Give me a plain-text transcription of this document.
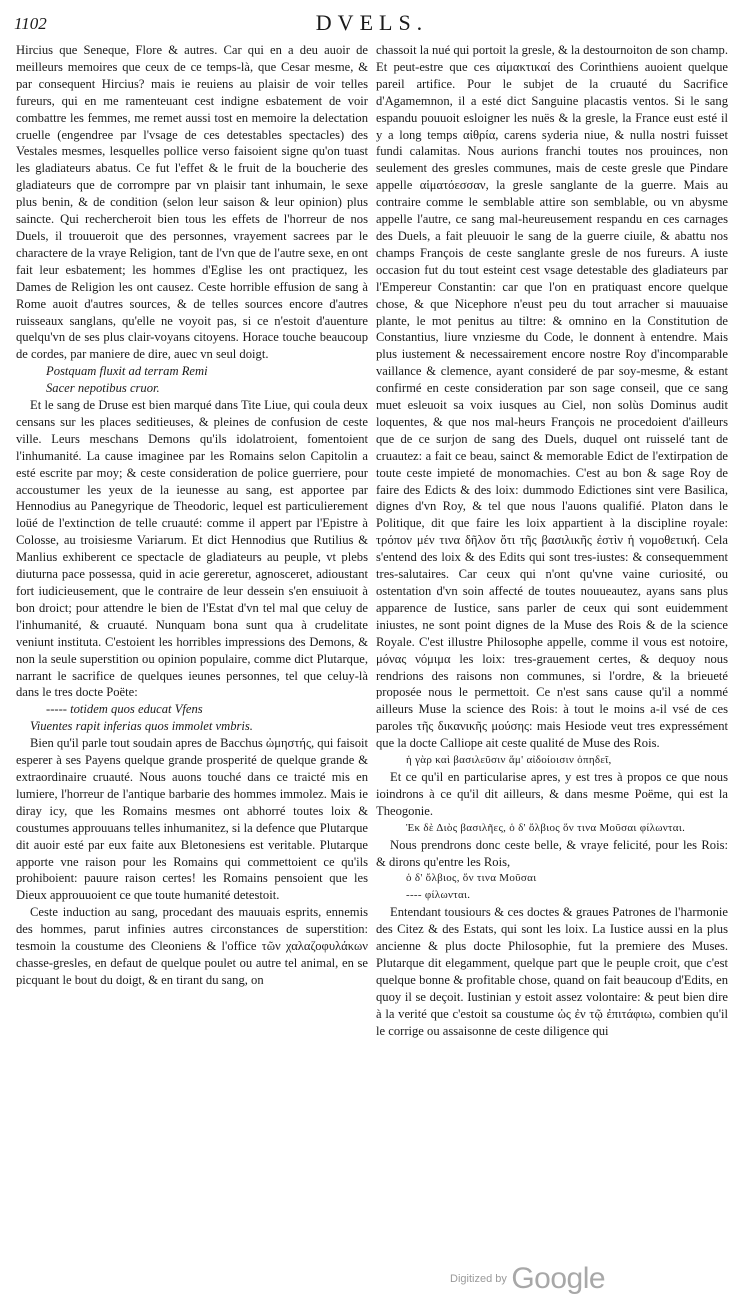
1102	DVELS.

Hircius que Seneque, Flore & autres. Car qui en a deu auoir de meilleurs memoires que ceux de ce temps-là, que Cesar mesme, & par consequent Hircius? mais ie reuiens au plaisir de voir telles fureurs, qui en me ramenteuant cest indigne esbatement de voir combattre les femmes, me remet aussi tost en memoire la delectation cruelle (engendree par l'vsage de ces detestables spectacles) des Vestales mesmes, lesquelles pollice verso faisoient signe qu'on tuast les gladiateurs abatus. Ce fut l'effet & le fruit de la boucherie des gladiateurs que de corrompre par vn plaisir tant inhumain, le sexe plus benin, & de condition (selon leur saison & leur opinion) plus saincte. Qui rechercheroit bien tous les effets de l'horreur de nos Duels, il trouueroit que des personnes, vrayement sacrees par le charactere de la vraye Religion, tant de l'vn que de l'autre sexe, en ont fait leur esbatement; les hommes d'Eglise les ont practiquez, les Dames de Religion les ont causez. Ceste horrible effusion de sang à Rome auoit d'autres sources, & de telles sources encore d'autres ruisseaux sanglans, qu'elle ne voyoit pas, si ce n'estoit d'auenture quelqu'vn de ses plus clair-voyans citoyens. Horace touche beaucoup de cordes, par maniere de dire, auec vn seul doigt.

Postquam fluxit ad terram Remi

Sacer nepotibus cruor.

Et le sang de Druse est bien marqué dans Tite Liue, qui coula deux censans sur les places seditieuses, & pleines de confusion de ceste ville. Leurs meschans Demons qu'ils idolatroient, fomentoient l'inhumanité. La cause imaginee par les Romains selon Capitolin a esté escrite par moy; & ceste consideration de police guerriere, pour accoustumer les yeux de la ieunesse au sang, est apportee par Hennodius au Panegyrique de Theodoric, lequel est particulierement loüé de l'extinction de telle cruauté: comme il appert par l'Epistre à Colosse, au troisiesme Variarum. Et dict Hennodius que Rutilius & Manlius exhiberent ce spectacle de gladiateurs au peuple, vt plebs diuturna pace possessa, quid in acie gereretur, agnosceret, adioustant fort iudicieusement, que le contraire de leur dessein s'en ensuiuoit à bon droict; pour attendre le bien de l'Estat d'vn tel mal que celuy de l'inhumanité, & cruauté. Nunquam bona sunt qua à crudelitate veniunt instituta. C'estoient les horribles impressions des Demons, & non la seule superstition ou opinion populaire, comme dict Plutarque, narrant le sacrifice de quelques ieunes personnes, tel que celuy-là dans le tres docte Poëte:

----- totidem quos educat Vfens

Viuentes rapit inferias quos immolet vmbris.

Bien qu'il parle tout soudain apres de Bacchus ὠμηστής, qui faisoit esperer à ses Payens quelque grande prosperité de quelque grande & extraordinaire cruauté. Nous auons touché dans ce traicté mis en lumiere, l'horreur de l'antique barbarie des hommes immolez. Mais ie diray icy, que les Romains mesmes ont abhorré toutes loix & coustumes approuuans telles inhumanitez, si la defence que Plutarque dit auoir esté par eux faite aux Bletonesiens est veritable. Plutarque apporte vne raison pour les Romains qui commettoient ce qu'ils prohiboient: pauure raison certes! les Romains pensoient que les Dieux approuuoient ce que toute humanité detestoit.

Ceste induction au sang, procedant des mauuais esprits, ennemis des hommes, parut infinies autres circonstances de superstition: tesmoin la coustume des Cleoniens & l'office τῶν χαλαζοφυλάκων chasse-gresles, en defaut de quelque poulet ou autre tel animal, en se picquant le bout du doigt, & en tirant du sang, on

chassoit la nué qui portoit la gresle, & la destournoiton de son champ. Et peut-estre que ces αἱμακτικαί des Corinthiens auoient quelque pareil artifice. Pour le subjet de la cruauté du Sacrifice d'Agamemnon, il a esté dict Sanguine placastis ventos. Si le sang espandu pouuoit esloigner les nuës & la gresle, la France eust esté il y a long temps αἰθρία, carens syderia niue, & nulla nostri fuisset fundi calamitas. Nous aurions franchi toutes nos prouinces, non seulement des gresles communes, mais de ceste gresle que Pindare appelle αἱματόεσσαν, la gresle sanglante de la guerre. Mais au contraire comme le semblable attire son semblable, ou vn abysme appelle l'autre, ce sang mal-heureusement respandu en ces carnages des Duels, a fait pleuuoir le sang de la guerre ciuile, & abattu nos champs François de ceste sanglante gresle de nos fureurs. A iuste occasion fut du tout esteint cest vsage detestable des gladiateurs par l'Empereur Constantin: car que l'on en pratiquast encore quelque chose, & que Nicephore n'eust peu du tout arracher si mauuaise plante, le mot penitus au tiltre: & omnino en la Constitution de Constantius, liure vnziesme du Code, le donnent à entendre. Mais plus iustement & necessairement encore nostre Roy d'incomparable vaillance & clemence, ayant consideré de par soy-mesme, & estant confirmé en ceste consideration par son sage conseil, que ce sang muet esleuoit sa voix iusques au Ciel, non solùs Dominus audit loquentes, & que nos mal-heurs François ne procedoient d'ailleurs que de ce surjon de sang des Duels, duquel ont ruisselé tant de cruautez: a fait ce beau, sainct & memorable Edict de l'extirpation de toute ceste impieté de monomachies. C'est au bon & sage Roy de faire des Edicts & des loix: dummodo Edictiones sint vere Basilica, dignes d'vn Roy, & tel que nous l'auons qualifié. Platon dans le Politique, dit que faire les loix appartient à la discipline royale: τρόπον μέν τινα δῆλον ὅτι τῆς βασιλικῆς ἐστὶν ἡ νομοθετική. Cela s'entend des loix & des Edits qui sont tres-iustes: & consequemment tres-salutaires. Car ceux qui n'ont qu'vne vaine curiosité, ou ostentation d'vn soin affecté de toutes nouueautez, ayans sans plus apparence de Iustice, sans parler de ceux qui sont euidemment iniustes, ne sont point dignes de la Muse des Rois & de la science Royale. C'est illustre Philosophe appelle, comme il vous est notoire, μόνας νόμιμα les loix: tres-grauement certes, & dequoy nous rendrions des raisons non communes, si l'ordre, & la brieueté proposée nous le permettoit. Ce n'est sans cause qu'il a nommé ailleurs Muse la science des Rois: à tout le moins a-il vsé de ces paroles τῆς δικανικῆς μούσης: mais Hesiode veut tres expressément que la docte Calliope ait ceste qualité de Muse des Rois.

ἡ γὰρ καὶ βασιλεῦσιν ἅμ' αἰδοίοισιν ὀπηδεῖ,

Et ce qu'il en particularise apres, y est tres à propos ce que nous ioindrons à ce qu'il dit ailleurs, & dans mesme Poëme, qui est la Theogonie.

Ἐκ δὲ Διὸς βασιλῆες, ὁ δ' ὄλβιος ὅν τινα Μοῦσαι φίλωνται.

Nous prendrons donc ceste belle, & vraye felicité, pour les Rois: & dirons qu'entre les Rois,

ὁ δ' ὄλβιος, ὅν τινα Μοῦσαι

---- φίλωνται.

Entendant tousiours & ces doctes & graues Patrones de l'harmonie des Citez & des Estats, qui sont les loix. La Iustice aussi en la plus ancienne & plus docte Philosophie, fut la premiere des Muses. Plutarque dit elegamment, quelque part que le peuple croit, que c'est quelque bonne & profitable chose, quand on fait beaucoup d'Edits, en quoy il se deçoit. Iustinian y estoit assez volontaire: & peut bien dire à la verité que c'estoit sa coustume ὡς ἐν τῷ ἐπιτάφιω, combien qu'il le corrige ou assaisonne de ceste diligence qui

Digitized by Google
